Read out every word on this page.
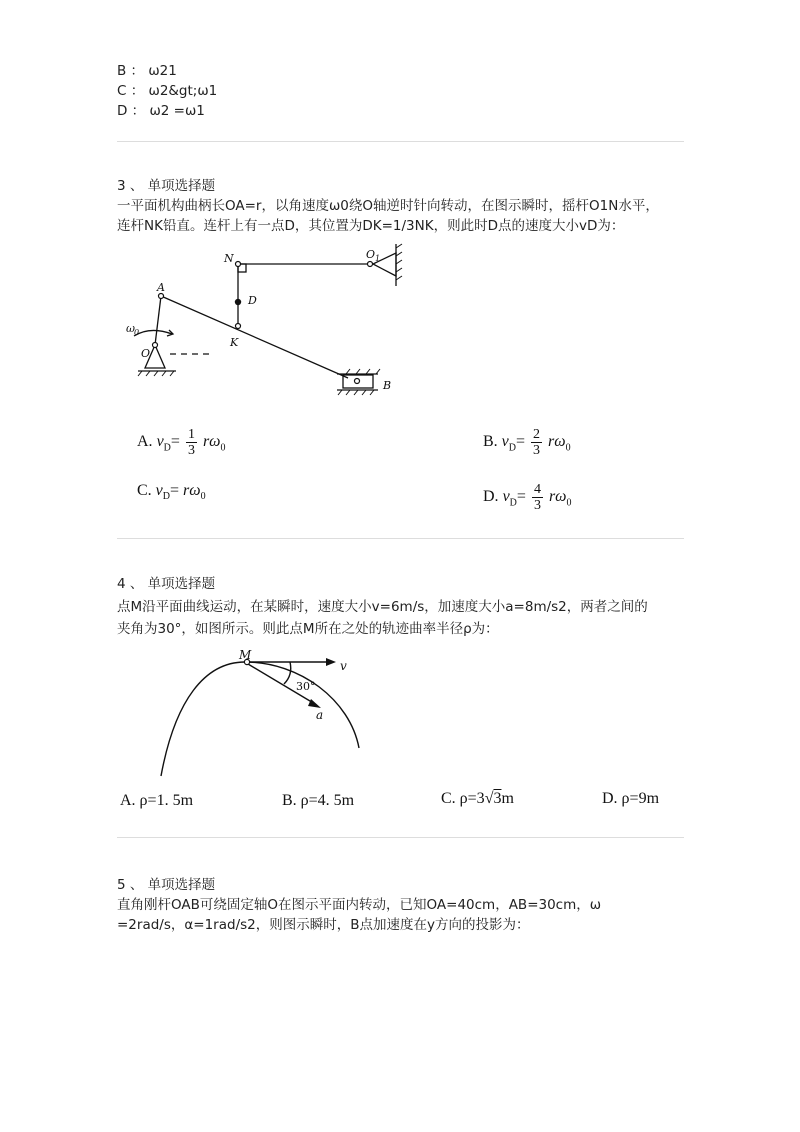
B ： ω21
C ： ω2&gt;ω1
D ： ω2 =ω1
3 、 单项选择题
一平面机构曲柄长OA=r，以角速度ω0绕O轴逆时针向转动，在图示瞬时，摇杆O1N水平，
连杆NK铅直。连杆上有一点D，其位置为DK=1/3NK，则此时D点的速度大小vD为：
N	O 1
A
D
K
O
ω 0
B
A. $v_D= \frac{1}{3} r\omega_0$	B. $v_D= \frac{2}{3} r\omega_0$
C. $v_D= r\omega_0$	D. $v_D= \frac{4}{3} r\omega_0$
4 、 单项选择题
点M沿平面曲线运动，在某瞬时，速度大小v=6m/s，加速度大小a=8m/s2，两者之间的
夹角为30°，如图所示。则此点M所在之处的轨迹曲率半径ρ为：
M
v
30°
a
A. ρ=1. 5m	B. ρ=4. 5m	C. ρ=3√3m	D. ρ=9m
5 、 单项选择题
直角刚杆OAB可绕固定轴O在图示平面内转动，已知OA=40cm，AB=30cm，ω
=2rad/s，α=1rad/s2，则图示瞬时，B点加速度在y方向的投影为：
